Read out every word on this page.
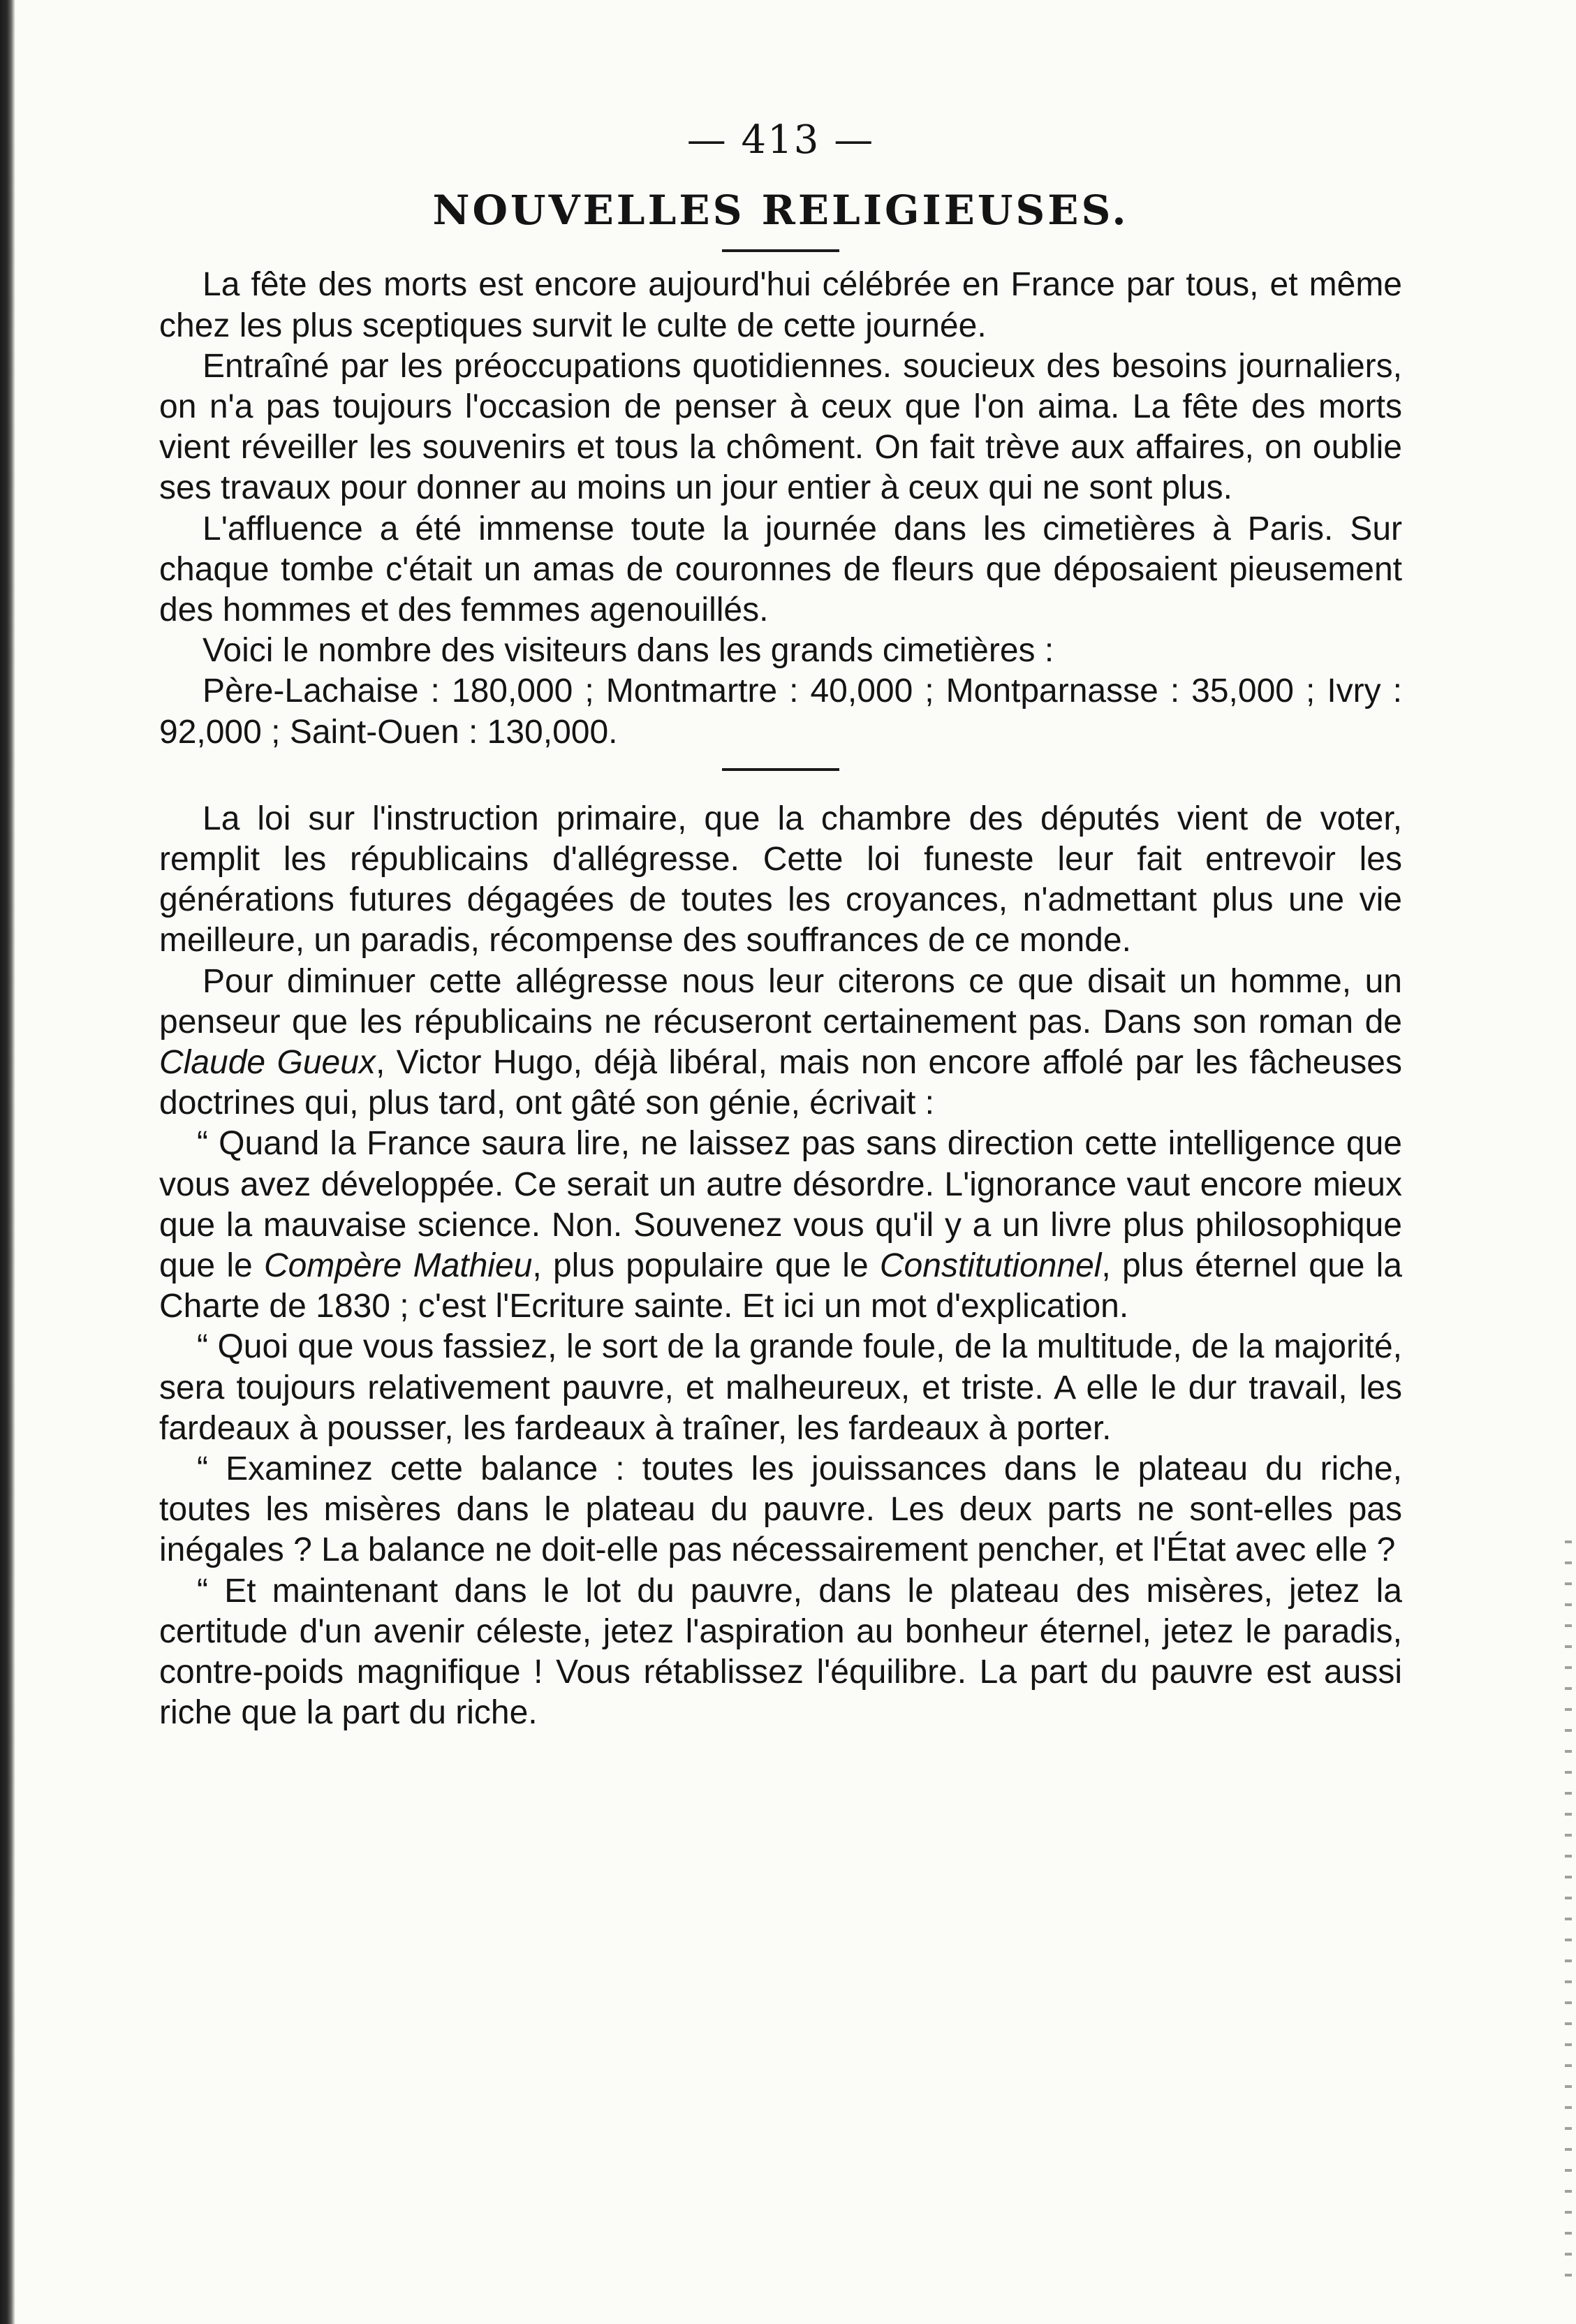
— 413 —
NOUVELLES RELIGIEUSES.

La fête des morts est encore aujourd'hui célébrée en France par tous, et même chez les plus sceptiques survit le culte de cette journée.

Entraîné par les préoccupations quotidiennes. soucieux des besoins journaliers, on n'a pas toujours l'occasion de penser à ceux que l'on aima. La fête des morts vient réveiller les souvenirs et tous la chôment. On fait trève aux affaires, on oublie ses travaux pour donner au moins un jour entier à ceux qui ne sont plus.

L'affluence a été immense toute la journée dans les cimetières à Paris. Sur chaque tombe c'était un amas de couronnes de fleurs que déposaient pieusement des hommes et des femmes agenouillés.

Voici le nombre des visiteurs dans les grands cimetières :

Père-Lachaise : 180,000 ; Montmartre : 40,000 ; Montparnasse : 35,000 ; Ivry : 92,000 ; Saint-Ouen : 130,000.

La loi sur l'instruction primaire, que la chambre des députés vient de voter, remplit les républicains d'allégresse. Cette loi funeste leur fait entrevoir les générations futures dégagées de toutes les croyances, n'admettant plus une vie meilleure, un paradis, récompense des souffrances de ce monde.

Pour diminuer cette allégresse nous leur citerons ce que disait un homme, un penseur que les républicains ne récuseront certainement pas. Dans son roman de Claude Gueux, Victor Hugo, déjà libéral, mais non encore affolé par les fâcheuses doctrines qui, plus tard, ont gâté son génie, écrivait :

“ Quand la France saura lire, ne laissez pas sans direction cette intelligence que vous avez développée. Ce serait un autre désordre. L'ignorance vaut encore mieux que la mauvaise science. Non. Souvenez vous qu'il y a un livre plus philosophique que le Compère Mathieu, plus populaire que le Constitutionnel, plus éternel que la Charte de 1830 ; c'est l'Ecriture sainte. Et ici un mot d'explication.

“ Quoi que vous fassiez, le sort de la grande foule, de la multitude, de la majorité, sera toujours relativement pauvre, et malheureux, et triste. A elle le dur travail, les fardeaux à pousser, les fardeaux à traîner, les fardeaux à porter.

“ Examinez cette balance : toutes les jouissances dans le plateau du riche, toutes les misères dans le plateau du pauvre. Les deux parts ne sont-elles pas inégales ? La balance ne doit-elle pas nécessairement pencher, et l'État avec elle ?

“ Et maintenant dans le lot du pauvre, dans le plateau des misères, jetez la certitude d'un avenir céleste, jetez l'aspiration au bonheur éternel, jetez le paradis, contre-poids magnifique ! Vous rétablissez l'équilibre. La part du pauvre est aussi riche que la part du riche.
